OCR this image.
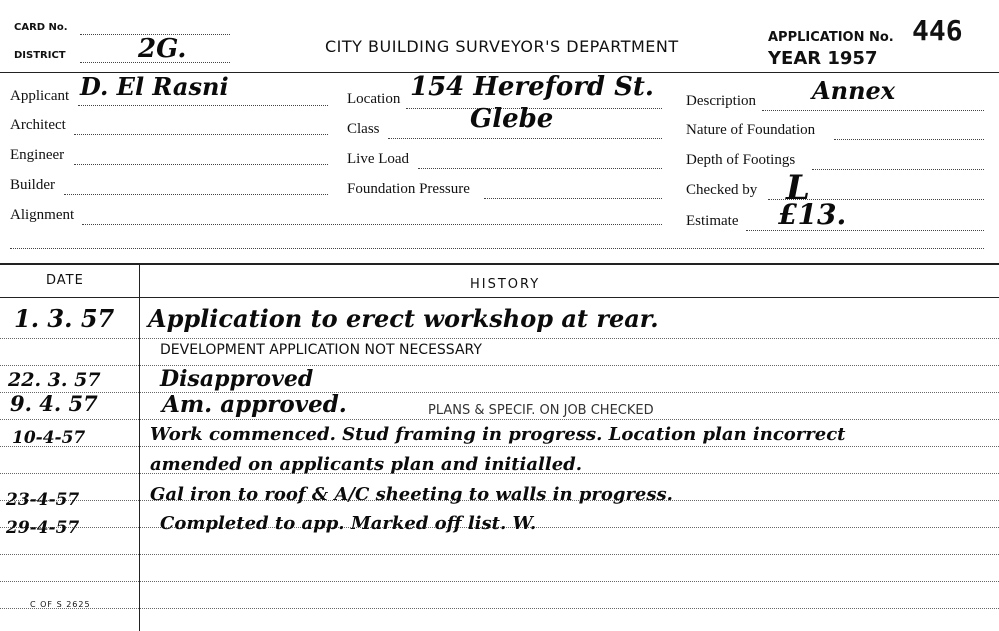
CARD No.
DISTRICT	2G.	CITY BUILDING SURVEYOR'S DEPARTMENT	APPLICATION No. 446
YEAR 1957
Applicant D. El Rasni
Architect
Engineer
Builder
Alignment
Location 154 Hereford St.
Class	Glebe
Live Load
Foundation Pressure
Description Annex
Nature of Foundation
Depth of Footings
Checked by L
Estimate £13.
DATE	HISTORY
1. 3. 57 Application to erect workshop at rear.
DEVELOPMENT APPLICATION NOT NECESSARY
22. 3. 57	Disapproved
9. 4. 57	Am. approved.	PLANS & SPECIF. ON JOB CHECKED
10-4-57	Work commenced. Stud framing in progress. Location plan incorrect
amended on applicants plan and initialled.
23-4-57	Gal iron to roof & A/C sheeting to walls in progress.
29-4-57	Completed to app. Marked off list. W.
C OF S 2625
